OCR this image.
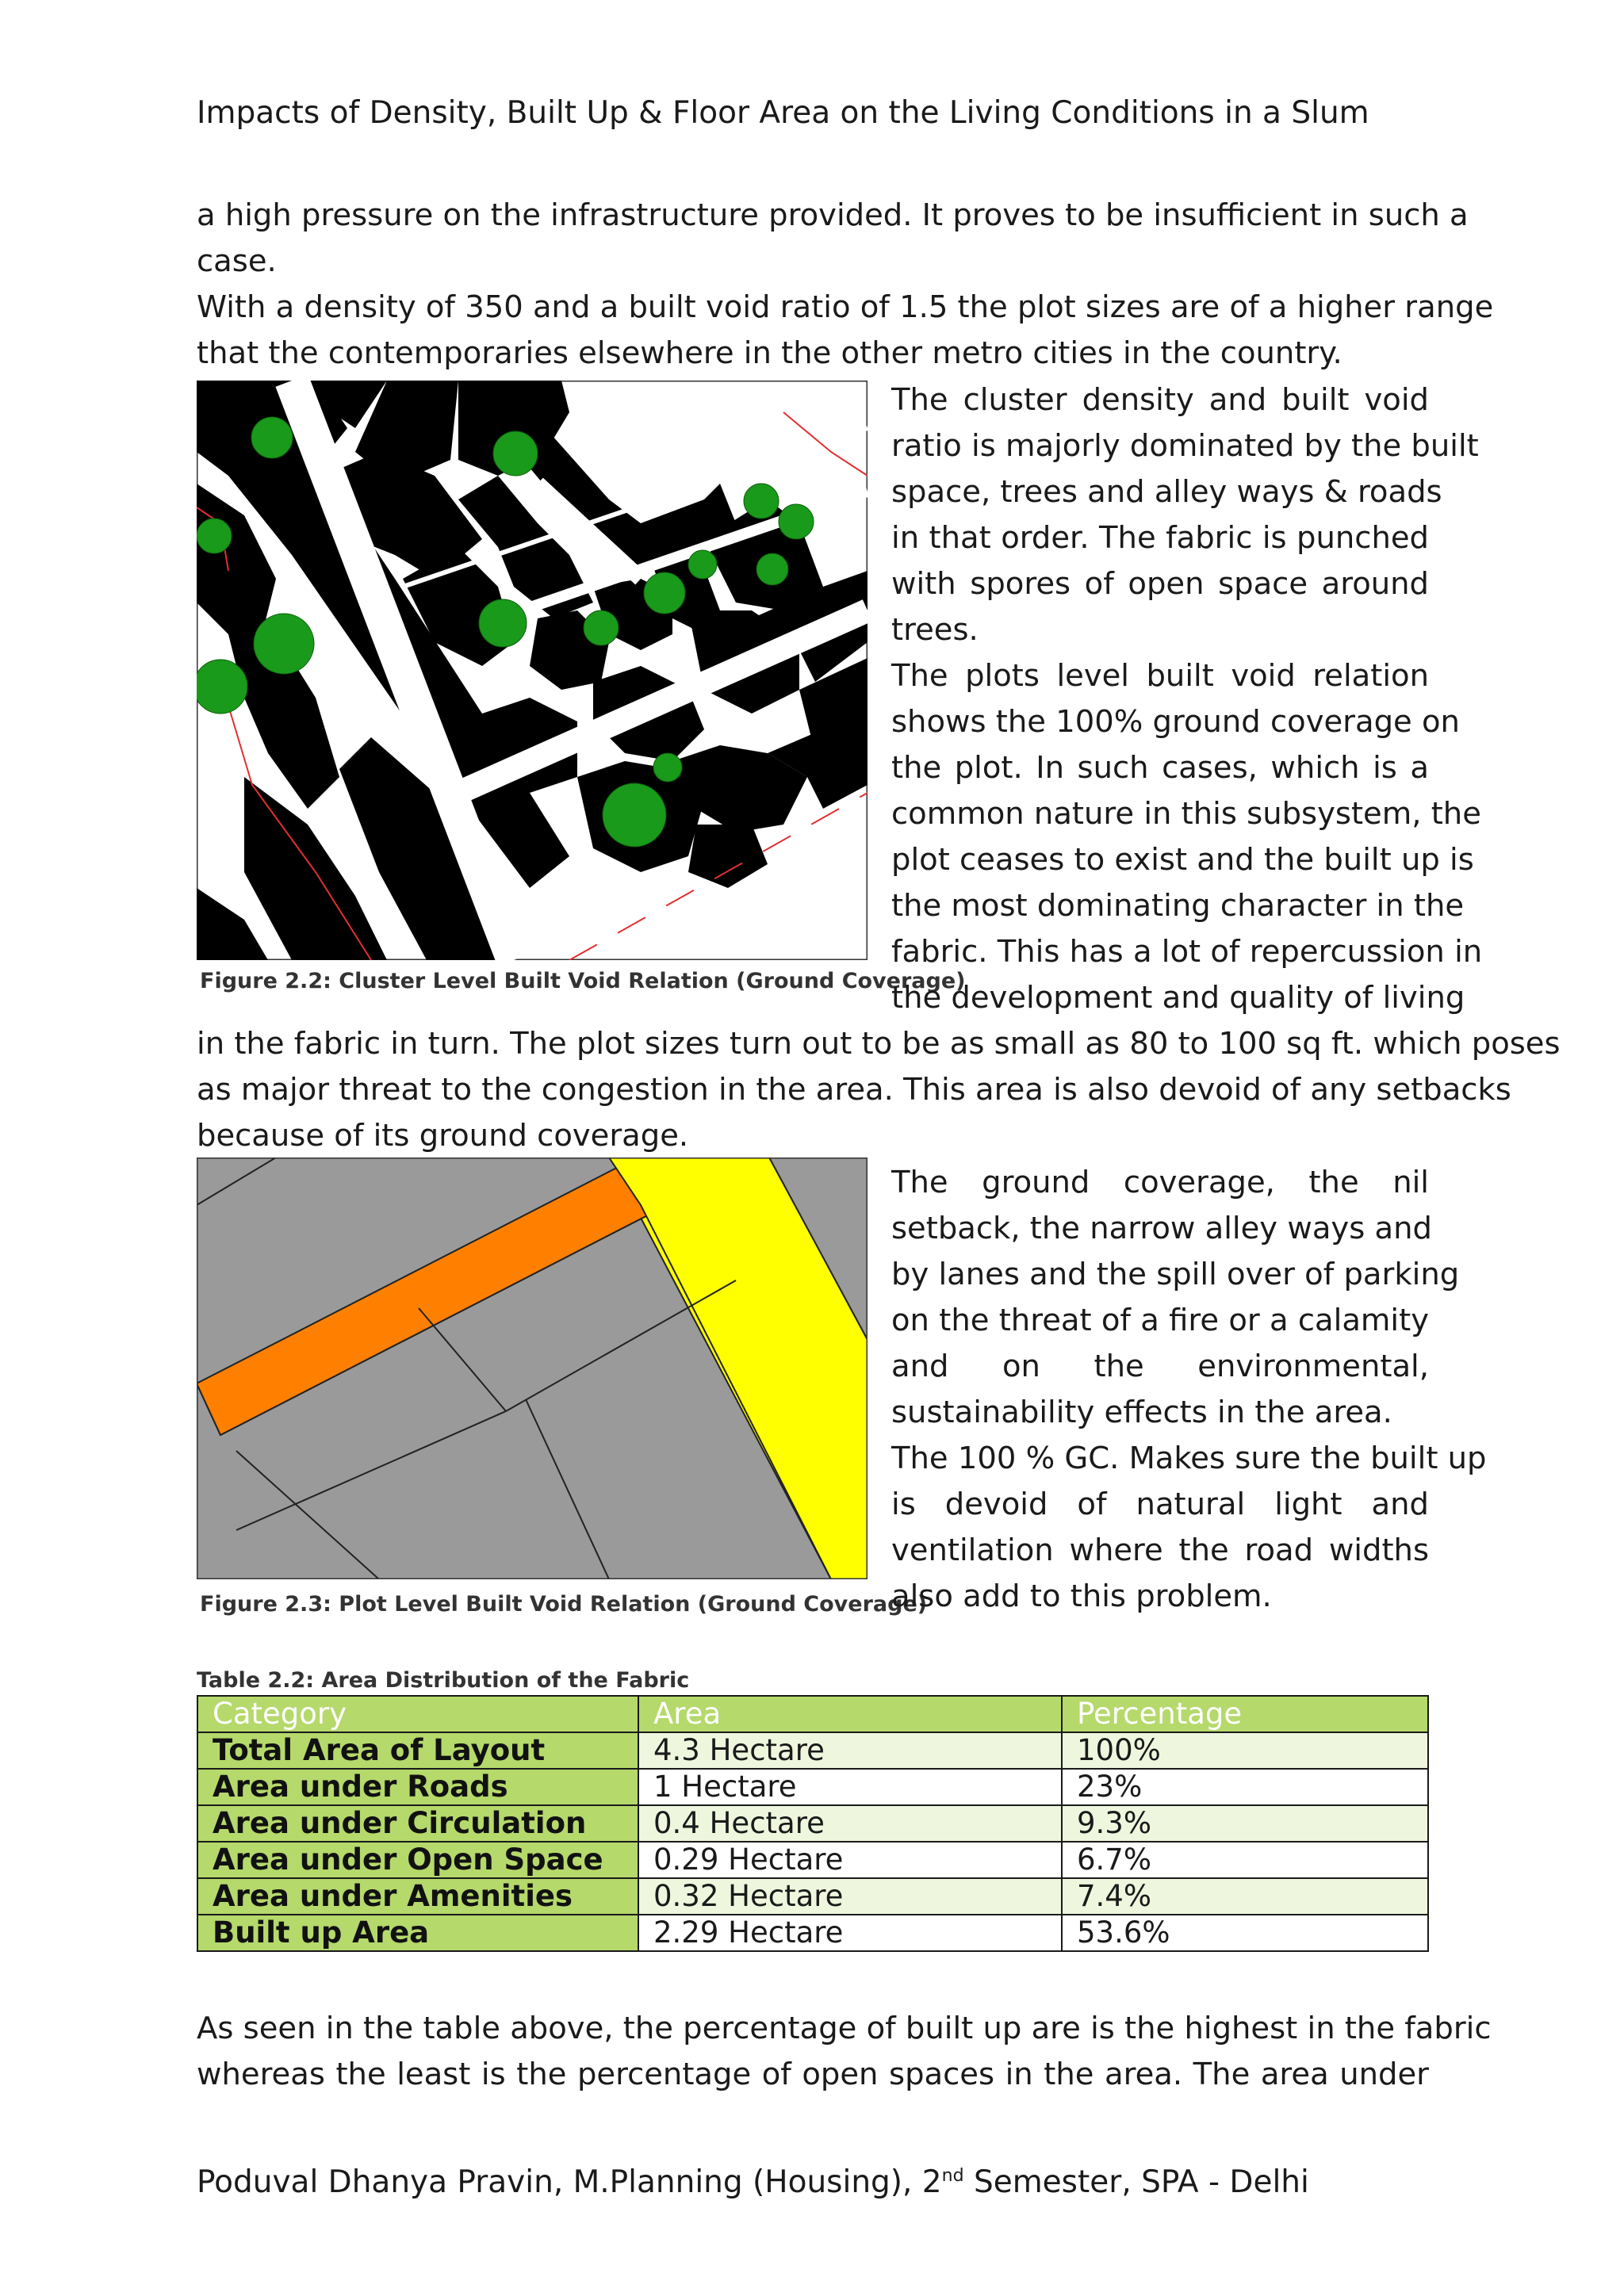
Impacts of Density, Built Up & Floor Area on the Living Conditions in a Slum
a high pressure on the infrastructure provided. It proves to be insufficient in such a
case.
With a density of 350 and a built void ratio of 1.5 the plot sizes are of a higher range
that the contemporaries elsewhere in the other metro cities in the country.
Figure 2.2: Cluster Level Built Void Relation (Ground Coverage)
The cluster density and built void
ratio is majorly dominated by the built
space, trees and alley ways & roads
in that order. The fabric is punched
with spores of open space around
trees.
The plots level built void relation
shows the 100% ground coverage on
the plot. In such cases, which is a
common nature in this subsystem, the
plot ceases to exist and the built up is
the most dominating character in the
fabric. This has a lot of repercussion in
the development and quality of living
in the fabric in turn. The plot sizes turn out to be as small as 80 to 100 sq ft. which poses
as major threat to the congestion in the area. This area is also devoid of any setbacks
because of its ground coverage.
Figure 2.3: Plot Level Built Void Relation (Ground Coverage)
The ground coverage, the nil
setback, the narrow alley ways and
by lanes and the spill over of parking
on the threat of a fire or a calamity
and on the environmental,
sustainability effects in the area.
The 100 % GC. Makes sure the built up
is devoid of natural light and
ventilation where the road widths
also add to this problem.
Table 2.2: Area Distribution of the Fabric
Category	Area	Percentage
Total Area of Layout	4.3 Hectare	100%
Area under Roads	1 Hectare	23%
Area under Circulation	0.4 Hectare	9.3%
Area under Open Space	0.29 Hectare	6.7%
Area under Amenities	0.32 Hectare	7.4%
Built up Area	2.29 Hectare	53.6%
As seen in the table above, the percentage of built up are is the highest in the fabric
whereas the least is the percentage of open spaces in the area. The area under
Poduval Dhanya Pravin, M.Planning (Housing), 2nd Semester, SPA - Delhi
